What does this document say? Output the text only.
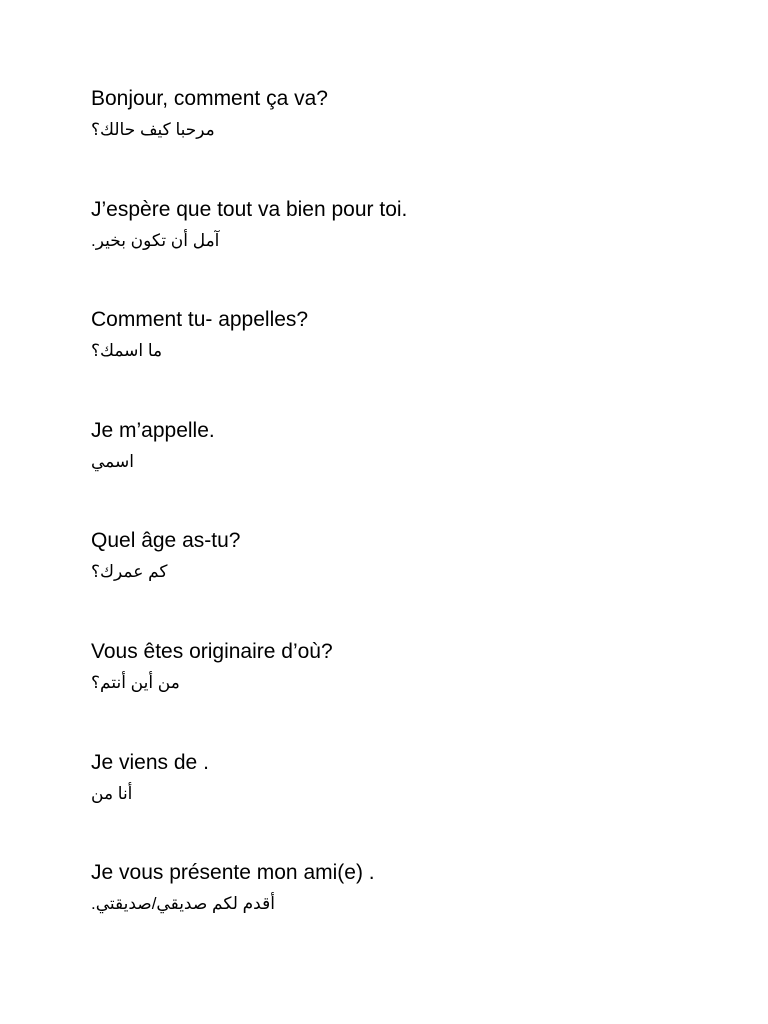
Bonjour, comment ça va?
مرحبا كيف حالك؟
J’espère que tout va bien pour toi.
آمل أن تكون بخير.
Comment tu- appelles?
ما اسمك؟
Je m’appelle.
اسمي
Quel âge as-tu?
كم عمرك؟
Vous êtes originaire d’où?
من أين أنتم؟
Je viens de .
أنا من
Je vous présente mon ami(e) .
أقدم لكم صديقي/صديقتي.
